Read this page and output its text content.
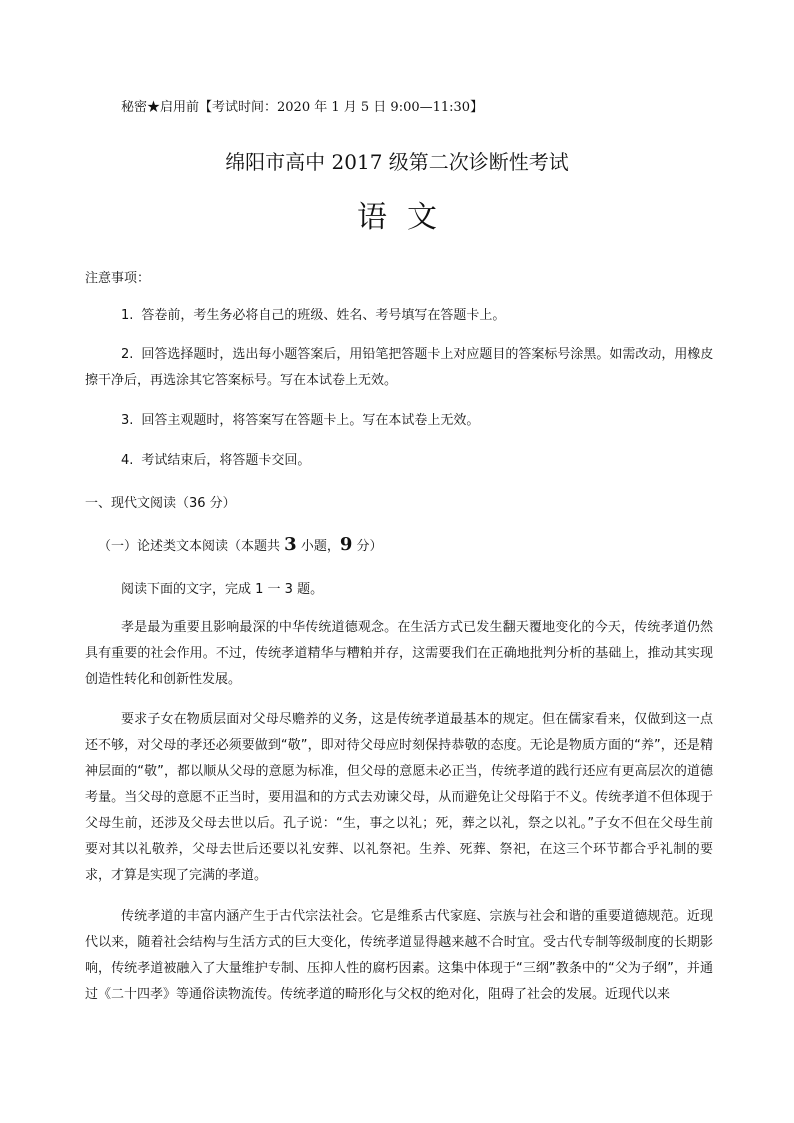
秘密★启用前【考试时间：2020 年 1 月 5 日 9:00—11:30】
绵阳市高中 2017 级第二次诊断性考试
语文
注意事项：
1. 答卷前，考生务必将自己的班级、姓名、考号填写在答题卡上。
2. 回答选择题时，选出每小题答案后，用铅笔把答题卡上对应题目的答案标号涂黑。如需改动，用橡皮擦干净后，再选涂其它答案标号。写在本试卷上无效。
3. 回答主观题时，将答案写在答题卡上。写在本试卷上无效。
4. 考试结束后，将答题卡交回。
一、现代文阅读（36 分）
（一）论述类文本阅读（本题共 3 小题，9 分）
阅读下面的文字，完成 1 一 3 题。
孝是最为重要且影响最深的中华传统道德观念。在生活方式已发生翻天覆地变化的今天，传统孝道仍然具有重要的社会作用。不过，传统孝道精华与糟粕并存，这需要我们在正确地批判分析的基础上，推动其实现创造性转化和创新性发展。
要求子女在物质层面对父母尽赡养的义务，这是传统孝道最基本的规定。但在儒家看来，仅做到这一点还不够，对父母的孝还必须要做到“敬”，即对待父母应时刻保持恭敬的态度。无论是物质方面的“养”，还是精神层面的“敬”，都以顺从父母的意愿为标准，但父母的意愿未必正当，传统孝道的践行还应有更高层次的道德考量。当父母的意愿不正当时，要用温和的方式去劝谏父母，从而避免让父母陷于不义。传统孝道不但体现于父母生前，还涉及父母去世以后。孔子说：“生，事之以礼；死，葬之以礼，祭之以礼。”子女不但在父母生前要对其以礼敬养，父母去世后还要以礼安葬、以礼祭祀。生养、死葬、祭祀，在这三个环节都合乎礼制的要求，才算是实现了完满的孝道。
传统孝道的丰富内涵产生于古代宗法社会。它是维系古代家庭、宗族与社会和谐的重要道德规范。近现代以来，随着社会结构与生活方式的巨大变化，传统孝道显得越来越不合时宜。受古代专制等级制度的长期影响，传统孝道被融入了大量维护专制、压抑人性的腐朽因素。这集中体现于“三纲”教条中的“父为子纲”，并通过《二十四孝》等通俗读物流传。传统孝道的畸形化与父权的绝对化，阻碍了社会的发展。近现代以来
